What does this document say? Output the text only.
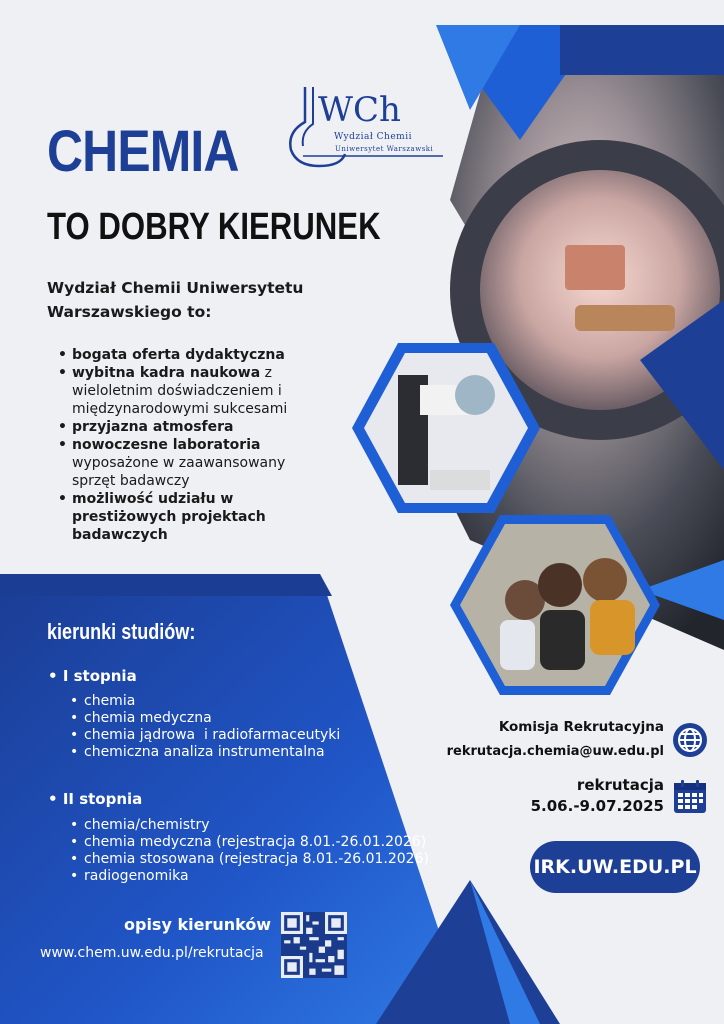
WCh
Wydział Chemii
Uniwersytet Warszawski
CHEMIA
TO DOBRY KIERUNEK
Wydział Chemii Uniwersytetu Warszawskiego to:
• bogata oferta dydaktyczna
• wybitna kadra naukowa z wieloletnim doświadczeniem i międzynarodowymi sukcesami
• przyjazna atmosfera
• nowoczesne laboratoria wyposażone w zaawansowany sprzęt badawczy
• możliwość udziału w prestiżowych projektach badawczych
kierunki studiów:
• I stopnia
• chemia
• chemia medyczna
• chemia jądrowa  i radiofarmaceutyki
• chemiczna analiza instrumentalna
• II stopnia
• chemia/chemistry
• chemia medyczna (rejestracja 8.01.-26.01.2026)
• chemia stosowana (rejestracja 8.01.-26.01.2026)
• radiogenomika
opisy kierunków
www.chem.uw.edu.pl/rekrutacja
Komisja Rekrutacyjna
rekrutacja.chemia@uw.edu.pl
rekrutacja
5.06.-9.07.2025
IRK.UW.EDU.PL
